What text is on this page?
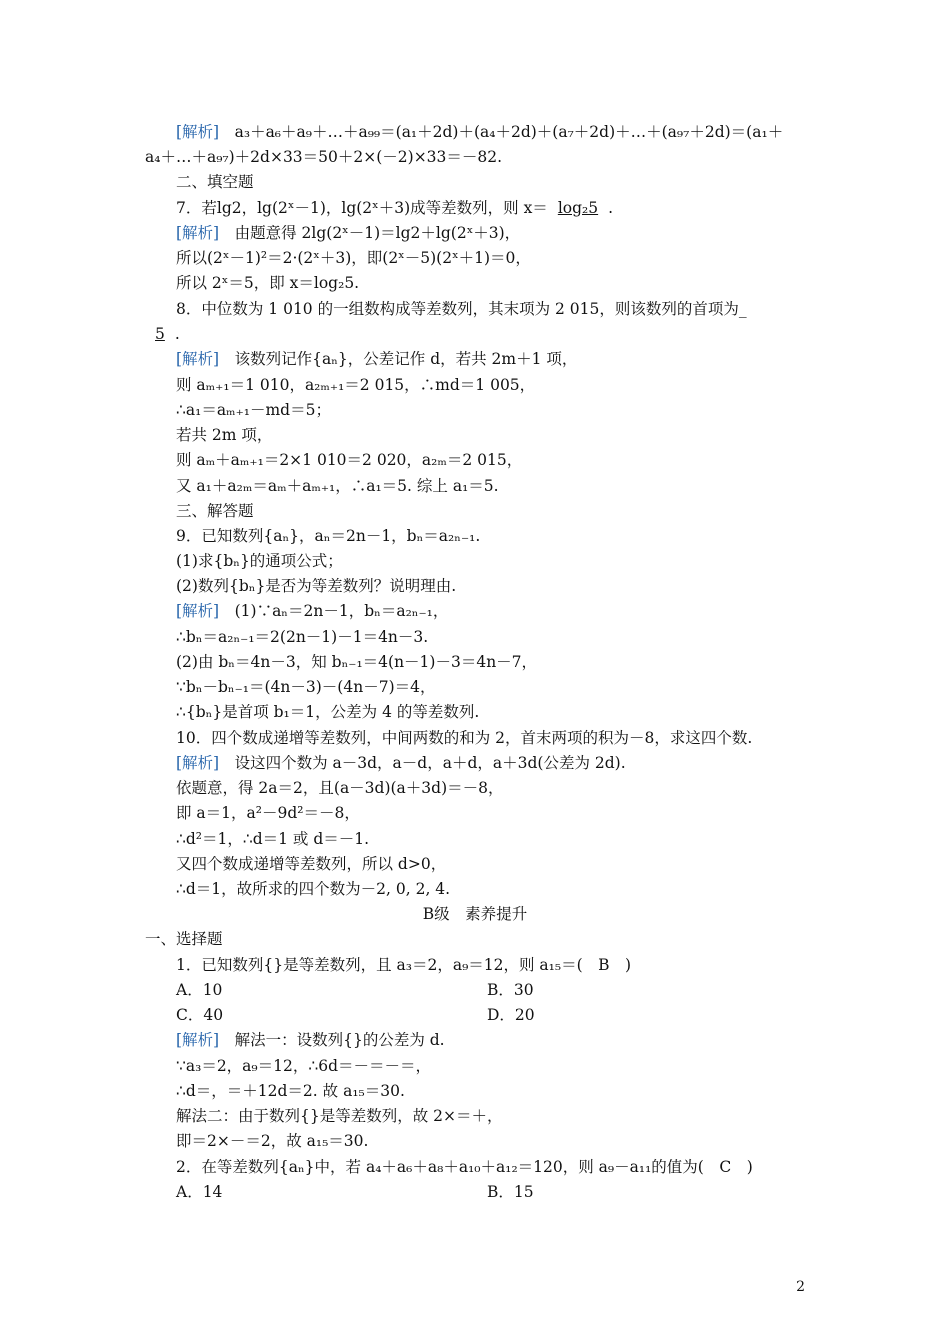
[解析]　a₃＋a₆＋a₉＋…＋a₉₉＝(a₁＋2d)＋(a₄＋2d)＋(a₇＋2d)＋…＋(a₉₇＋2d)＝(a₁＋
a₄＋…＋a₉₇)＋2d×33＝50＋2×(－2)×33＝－82.
二、填空题
7．若lg2，lg(2ˣ－1)，lg(2ˣ＋3)成等差数列，则 x＝ log₂5 .
[解析]　由题意得 2lg(2ˣ－1)＝lg2＋lg(2ˣ＋3)，
所以(2ˣ－1)²＝2·(2ˣ＋3)，即(2ˣ－5)(2ˣ＋1)＝0，
所以 2ˣ＝5，即 x＝log₂5.
8．中位数为 1 010 的一组数构成等差数列，其末项为 2 015，则该数列的首项为_
5 .
[解析]　该数列记作{aₙ}，公差记作 d，若共 2m＋1 项，
则 aₘ₊₁＝1 010，a₂ₘ₊₁＝2 015，∴md＝1 005，
∴a₁＝aₘ₊₁－md＝5；
若共 2m 项，
则 aₘ＋aₘ₊₁＝2×1 010＝2 020，a₂ₘ＝2 015，
又 a₁＋a₂ₘ＝aₘ＋aₘ₊₁，∴a₁＝5. 综上 a₁＝5.
三、解答题
9．已知数列{aₙ}，aₙ＝2n－1，bₙ＝a₂ₙ₋₁.
(1)求{bₙ}的通项公式；
(2)数列{bₙ}是否为等差数列？说明理由.
[解析]　(1)∵aₙ＝2n－1，bₙ＝a₂ₙ₋₁，
∴bₙ＝a₂ₙ₋₁＝2(2n－1)－1＝4n－3.
(2)由 bₙ＝4n－3，知 bₙ₋₁＝4(n－1)－3＝4n－7，
∵bₙ－bₙ₋₁＝(4n－3)－(4n－7)＝4，
∴{bₙ}是首项 b₁＝1，公差为 4 的等差数列.
10．四个数成递增等差数列，中间两数的和为 2，首末两项的积为－8，求这四个数.
[解析]　设这四个数为 a－3d，a－d，a＋d，a＋3d(公差为 2d).
依题意，得 2a＝2，且(a－3d)(a＋3d)＝－8，
即 a＝1，a²－9d²＝－8，
∴d²＝1，∴d＝1 或 d＝－1.
又四个数成递增等差数列，所以 d>0，
∴d＝1，故所求的四个数为－2, 0, 2, 4.
B级　素养提升
一、选择题
1．已知数列{}是等差数列，且 a₃＝2，a₉＝12，则 a₁₅＝(　B　)
A．10	B．30
C．40	D．20
[解析]　解法一：设数列{}的公差为 d.
∵a₃＝2，a₉＝12，∴6d＝－＝－＝，
∴d＝，＝＋12d＝2. 故 a₁₅＝30.
解法二：由于数列{}是等差数列，故 2×＝＋，
即＝2×－＝2，故 a₁₅＝30.
2．在等差数列{aₙ}中，若 a₄＋a₆＋a₈＋a₁₀＋a₁₂＝120，则 a₉－a₁₁的值为(　C　)
A．14	B．15
2
